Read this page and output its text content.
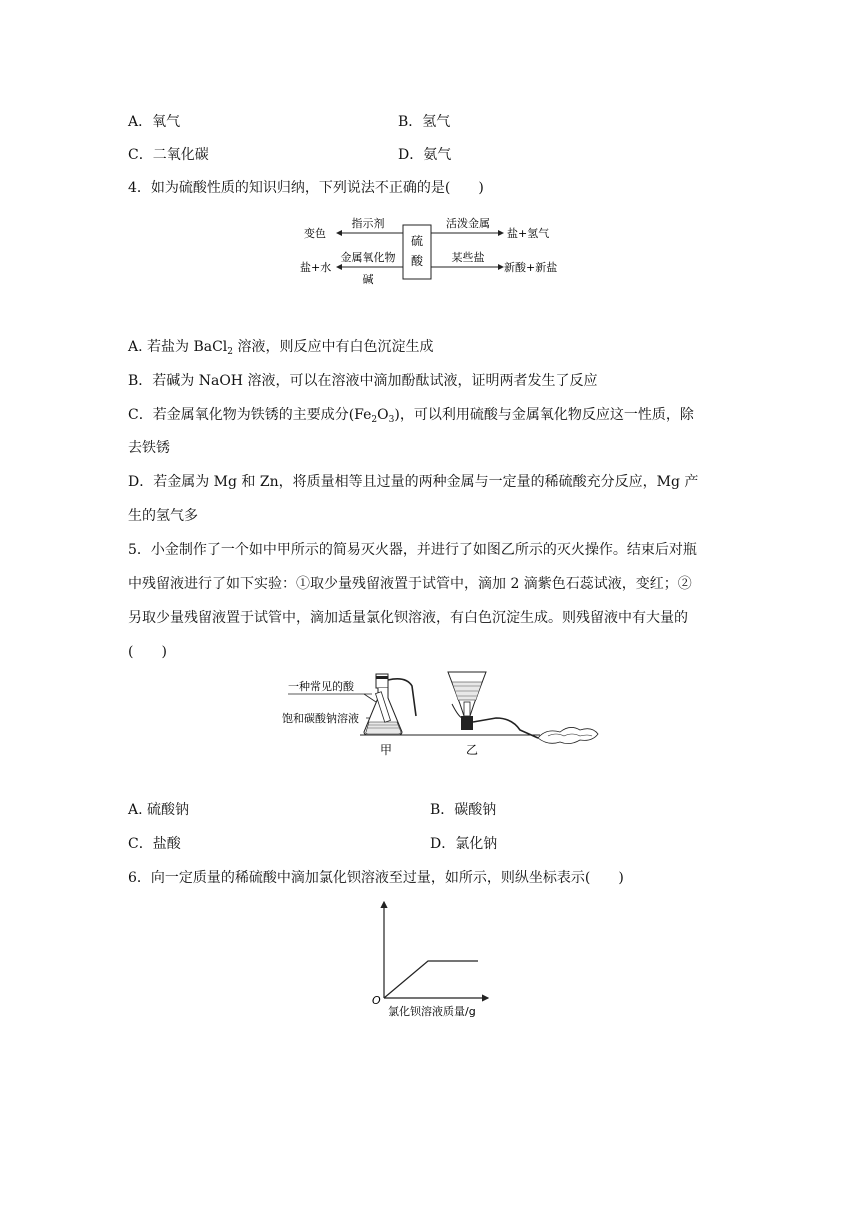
A．氧气	B．氢气
C．二氧化碳	D．氨气
4．如为硫酸性质的知识归纳，下列说法不正确的是(　　)
硫
酸
指示剂
金属氧化物
碱
活泼金属
某些盐
变色
盐+水
盐+氢气
新酸+新盐
A. 若盐为 BaCl$_2$ 溶液，则反应中有白色沉淀生成
B．若碱为 NaOH 溶液，可以在溶液中滴加酚酞试液，证明两者发生了反应
C．若金属氧化物为铁锈的主要成分$(Fe_2O_3)$，可以利用硫酸与金属氧化物反应这一性质，除
去铁锈
D．若金属为 Mg 和 Zn，将质量相等且过量的两种金属与一定量的稀硫酸充分反应，Mg 产
生的氢气多
5．小金制作了一个如中甲所示的简易灭火器，并进行了如图乙所示的灭火操作。结束后对瓶
中残留液进行了如下实验：①取少量残留液置于试管中，滴加 2 滴紫色石蕊试液，变红；②
另取少量残留液置于试管中，滴加适量氯化钡溶液，有白色沉淀生成。则残留液中有大量的
(　　)
一种常见的酸
饱和碳酸钠溶液
甲	乙
A. 硫酸钠	B．碳酸钠
C．盐酸	D．氯化钠
6．向一定质量的稀硫酸中滴加氯化钡溶液至过量，如所示，则纵坐标表示(　　)
O
氯化钡溶液质量/g
